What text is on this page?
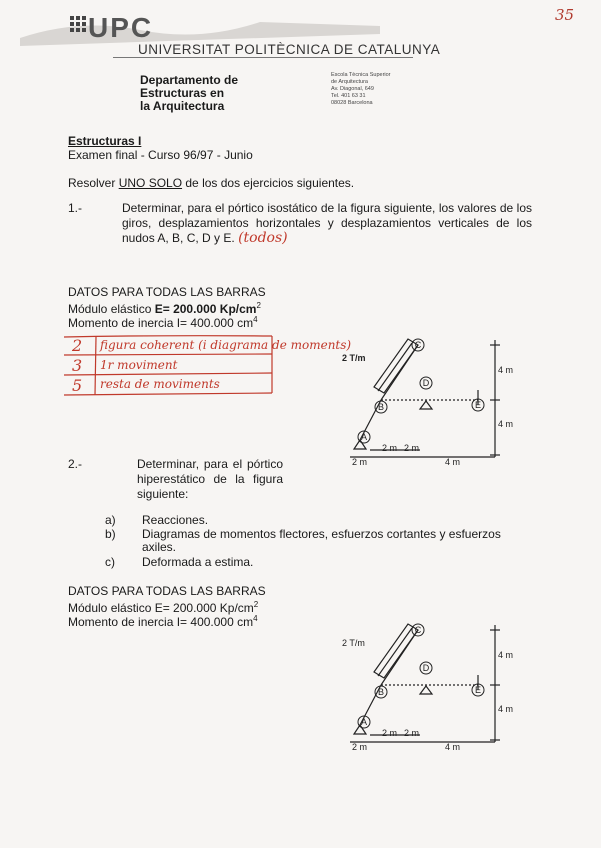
35
UPC
UNIVERSITAT POLITÈCNICA DE CATALUNYA
Departamento de
Estructuras en
la Arquitectura
Escola Tècnica Superior
de Arquitectura
Av. Diagonal, 649
Tel. 401 63 31
08028 Barcelona
Estructuras I
Examen final - Curso 96/97 - Junio
Resolver UNO SOLO de los dos ejercicios siguientes.
1.-	Determinar, para el pórtico isostático de la figura siguiente, los valores de los giros, desplazamientos horizontales y desplazamientos verticales de los nudos A, B, C, D y E. (todos)
DATOS PARA TODAS LAS BARRAS
Módulo elástico E= 200.000 $Kp/cm^2$
Momento de inercia I= 400.000 $cm^4$
2 figura coherent (i diagrama de moments)
3 1r moviment
5 resta de moviments
C
D
E
B
A
2 T/m
4 m
4 m
2 m
2 m 2 m
4 m
2.-	Determinar, para el pórtico hiperestático de la figura siguiente:
a) Reacciones.
b) Diagramas de momentos flectores, esfuerzos cortantes y esfuerzos axiles.
c) Deformada a estima.
DATOS PARA TODAS LAS BARRAS
Módulo elástico E= 200.000 $Kp/cm^2$
Momento de inercia I= 400.000 $cm^4$
C
D
E
B
A
2 T/m
4 m
4 m
2 m
2 m 2 m
4 m
